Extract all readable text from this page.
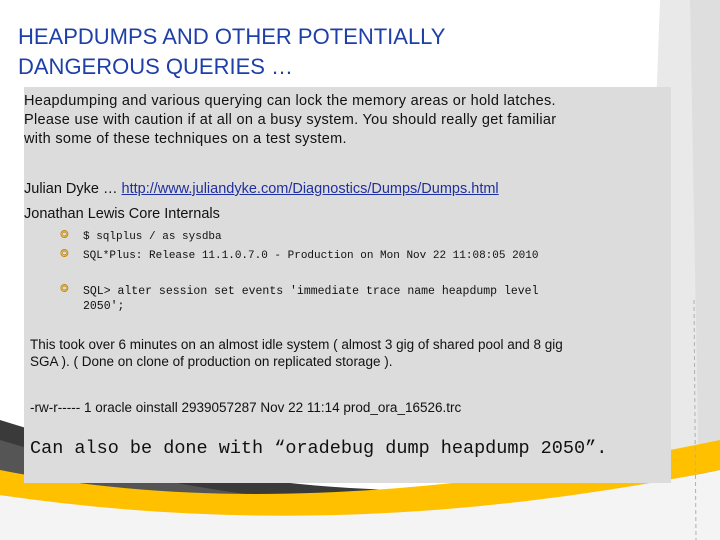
HEAPDUMPS AND OTHER POTENTIALLY
DANGEROUS QUERIES …
Heapdumping and various querying can lock the memory areas or hold latches.
Please use with caution if at all on a busy system. You should really get familiar
with some of these techniques on a test system.
Julian Dyke … http://www.juliandyke.com/Diagnostics/Dumps/Dumps.html
Jonathan Lewis Core Internals
⭗ $ sqlplus / as sysdba
⭗ SQL*Plus: Release 11.1.0.7.0 - Production on Mon Nov 22 11:08:05 2010
⭗ SQL> alter session set events 'immediate trace name heapdump level
2050';
This took over 6 minutes on an almost idle system ( almost 3 gig of shared pool and 8 gig
SGA ). ( Done on clone of production on replicated storage ).
-rw-r----- 1 oracle oinstall 2939057287 Nov 22 11:14 prod_ora_16526.trc
Can also be done with “oradebug dump heapdump 2050”.
